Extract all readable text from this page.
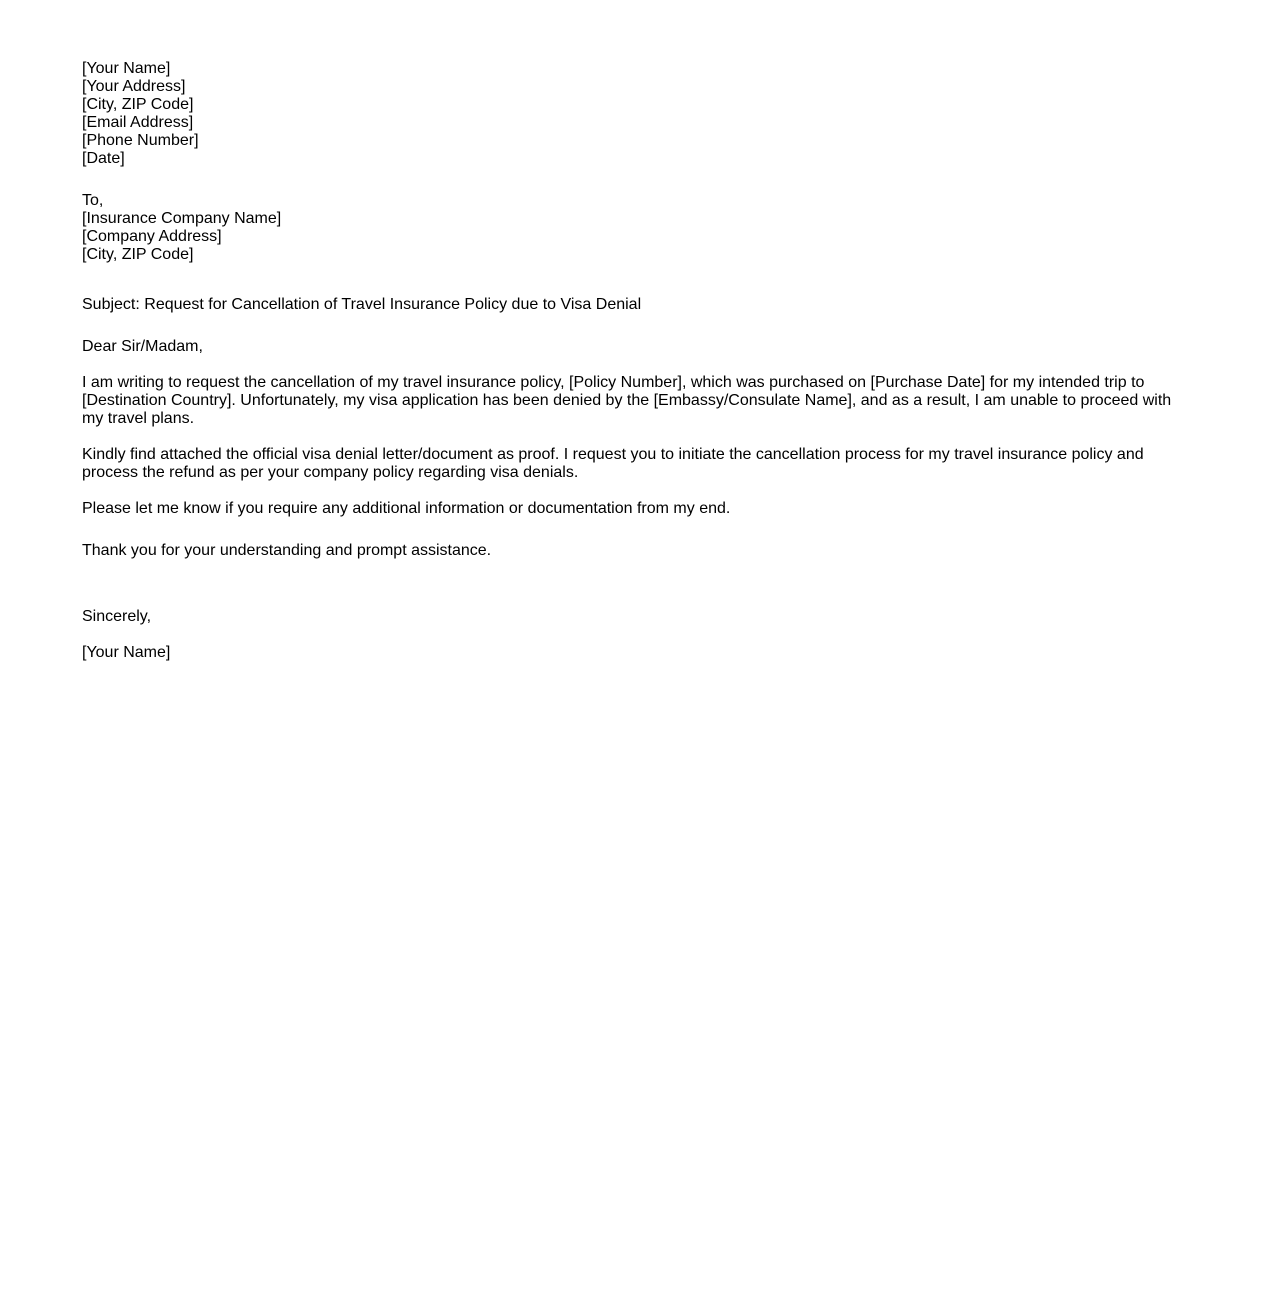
[Your Name]
[Your Address]
[City, ZIP Code]
[Email Address]
[Phone Number]
[Date]
To,
[Insurance Company Name]
[Company Address]
[City, ZIP Code]

Subject: Request for Cancellation of Travel Insurance Policy due to Visa Denial

Dear Sir/Madam,

I am writing to request the cancellation of my travel insurance policy, [Policy Number], which was purchased on [Purchase Date] for my intended trip to [Destination Country]. Unfortunately, my visa application has been denied by the [Embassy/Consulate Name], and as a result, I am unable to proceed with my travel plans.

Kindly find attached the official visa denial letter/document as proof. I request you to initiate the cancellation process for my travel insurance policy and process the refund as per your company policy regarding visa denials.

Please let me know if you require any additional information or documentation from my end.

Thank you for your understanding and prompt assistance.

Sincerely,

[Your Name]
